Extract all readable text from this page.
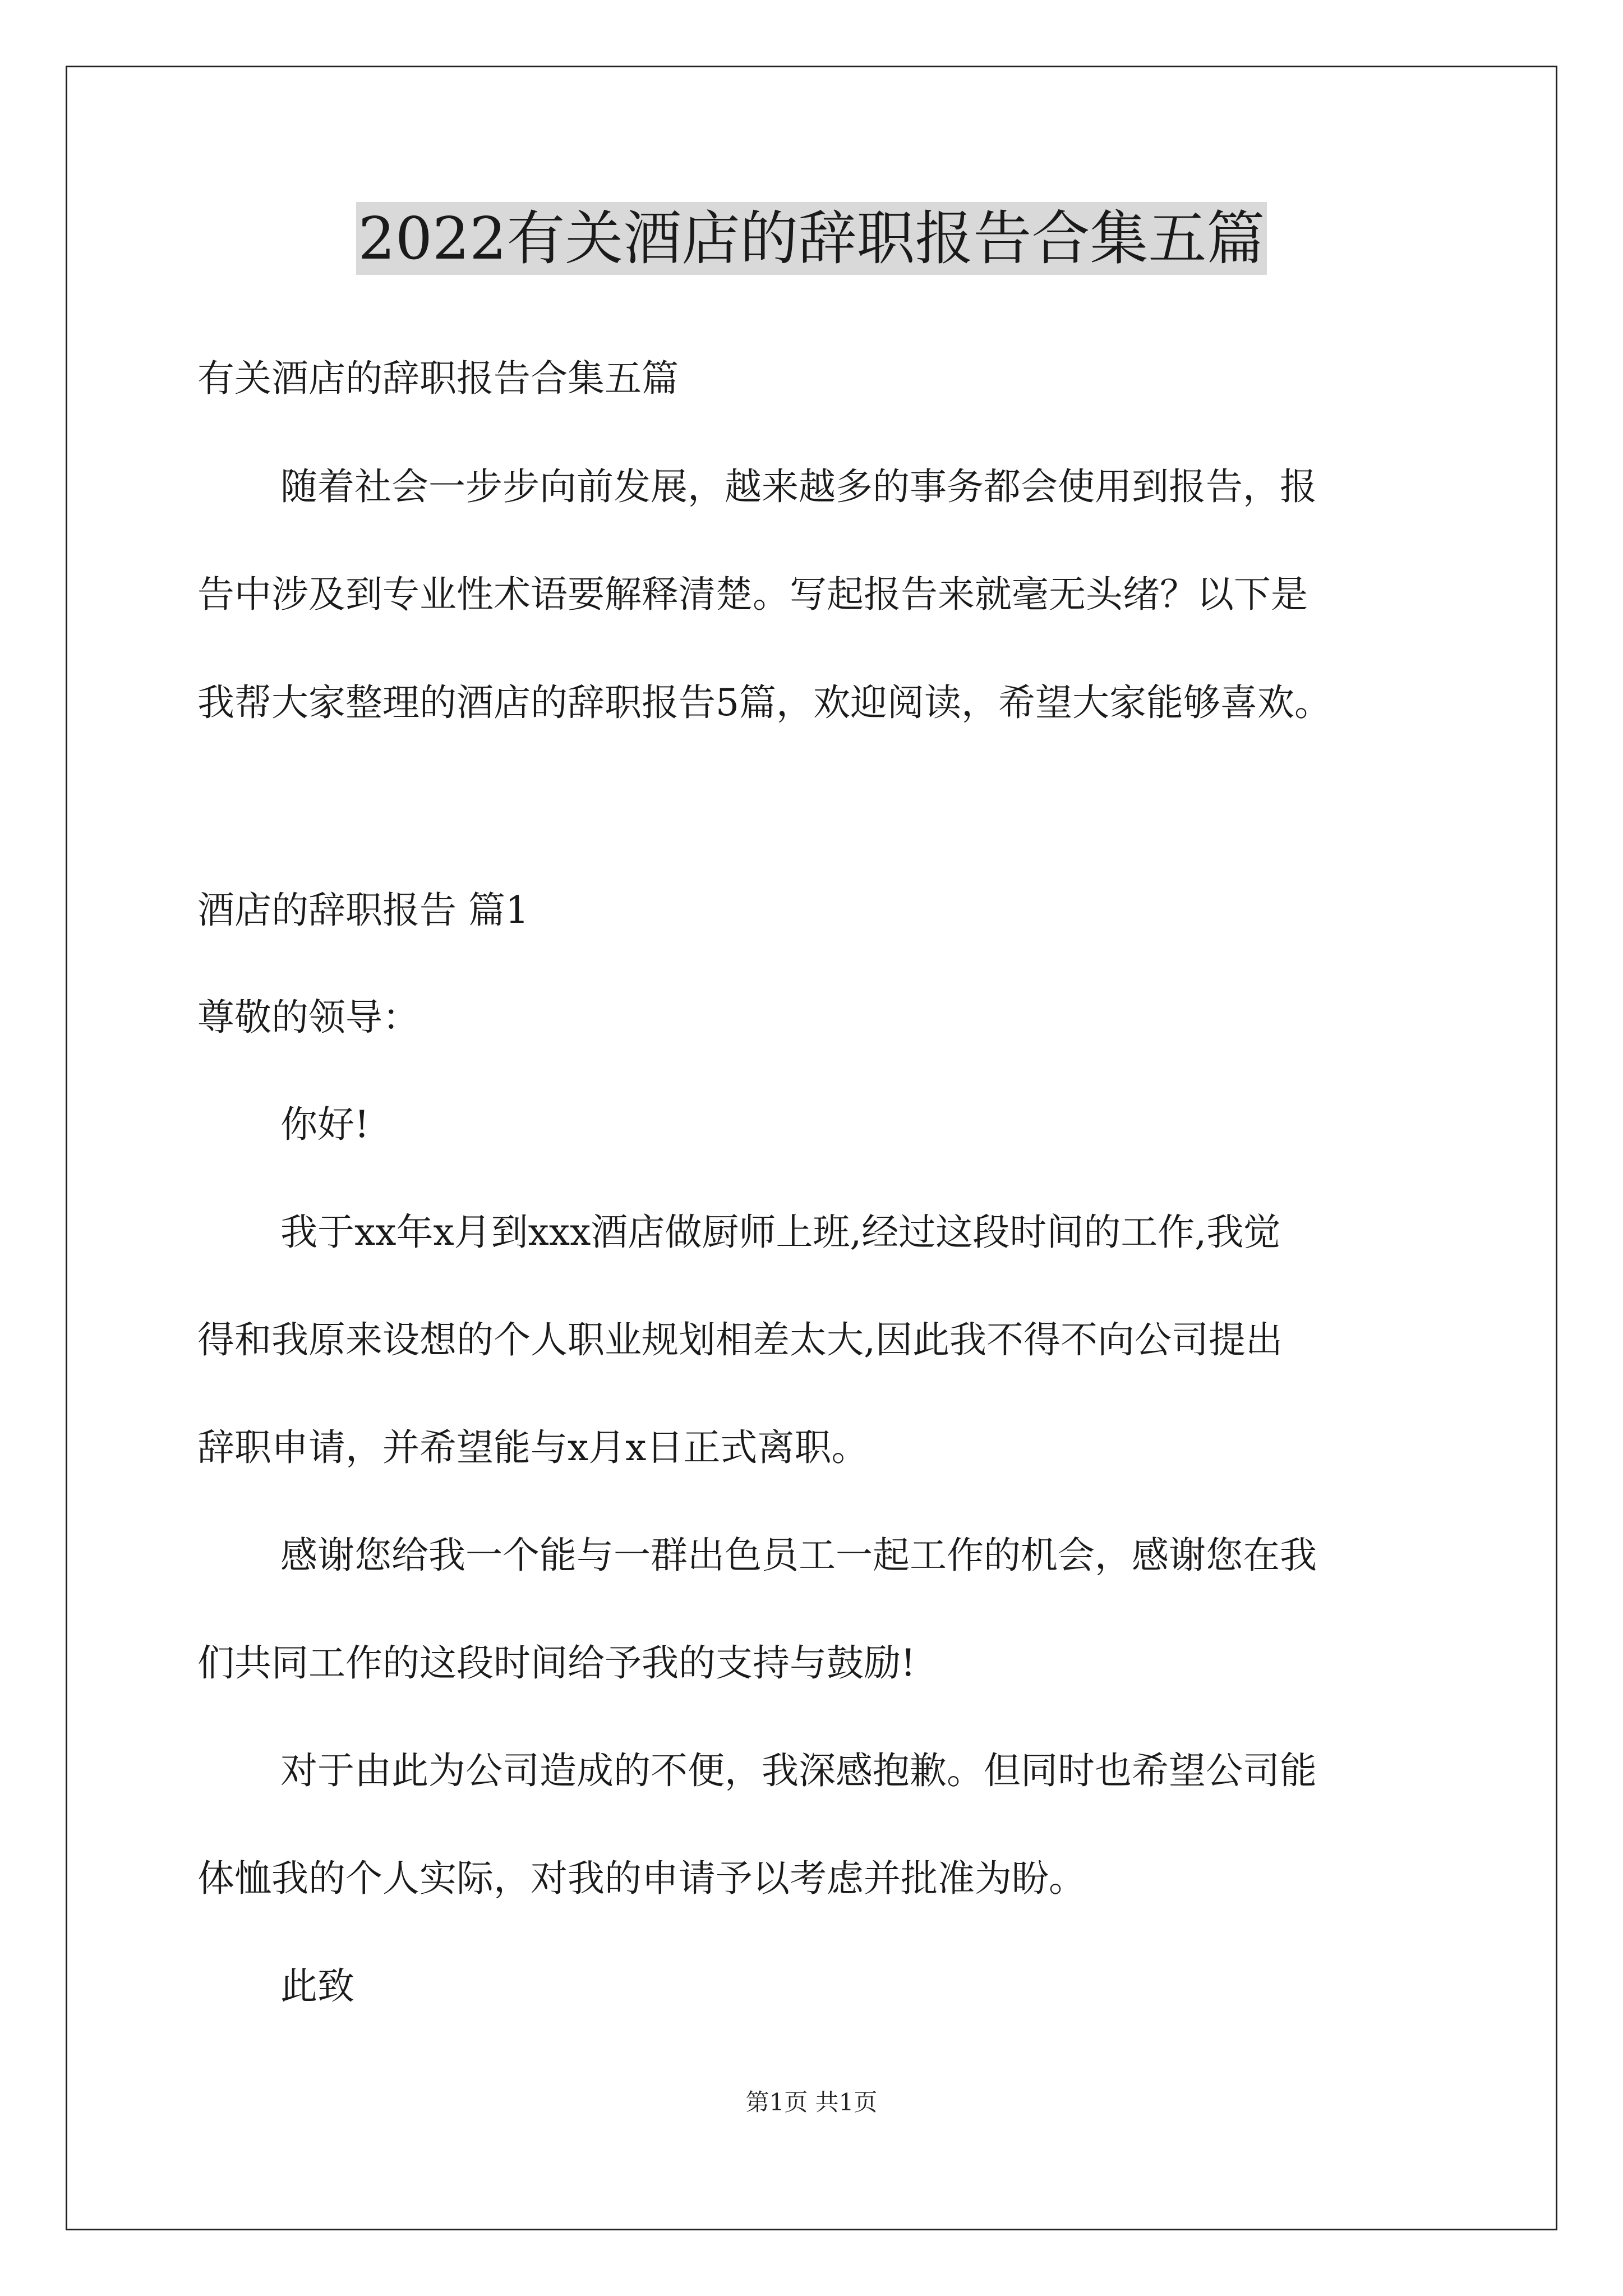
2022有关酒店的辞职报告合集五篇

有关酒店的辞职报告合集五篇

随着社会一步步向前发展，越来越多的事务都会使用到报告，报

告中涉及到专业性术语要解释清楚。写起报告来就毫无头绪？以下是

我帮大家整理的酒店的辞职报告5篇，欢迎阅读，希望大家能够喜欢。

酒店的辞职报告 篇1

尊敬的领导：

你好!

我于xx年x月到xxx酒店做厨师上班,经过这段时间的工作,我觉

得和我原来设想的个人职业规划相差太大,因此我不得不向公司提出

辞职申请，并希望能与x月x日正式离职。

感谢您给我一个能与一群出色员工一起工作的机会，感谢您在我

们共同工作的这段时间给予我的支持与鼓励!

对于由此为公司造成的不便，我深感抱歉。但同时也希望公司能

体恤我的个人实际，对我的申请予以考虑并批准为盼。

此致

第1页 共1页
